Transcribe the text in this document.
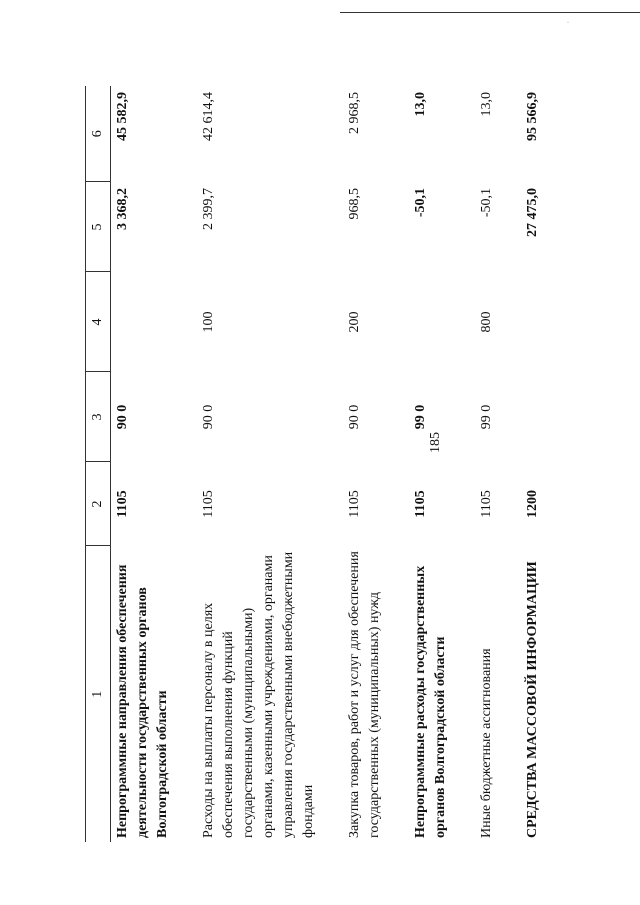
·
185
1	2	3	4	5	6
Непрограммные направления обеспечения деятельности государственных органов Волгоградской области	1105	90 0		3 368,2	45 582,9
Расходы на выплаты персоналу в целях обеспечения выполнения функций государственными (муниципальными) органами, казенными учреждениями, органами управления государственными внебюджетными фондами	1105	90 0	100	2 399,7	42 614,4
Закупка товаров, работ и услуг для обеспечения государственных (муниципальных) нужд	1105	90 0	200	968,5	2 968,5
Непрограммные расходы государственных органов Волгоградской области	1105	99 0		-50,1	13,0
Иные бюджетные ассигнования	1105	99 0	800	-50,1	13,0
СРЕДСТВА МАССОВОЙ ИНФОРМАЦИИ	1200			27 475,0	95 566,9
